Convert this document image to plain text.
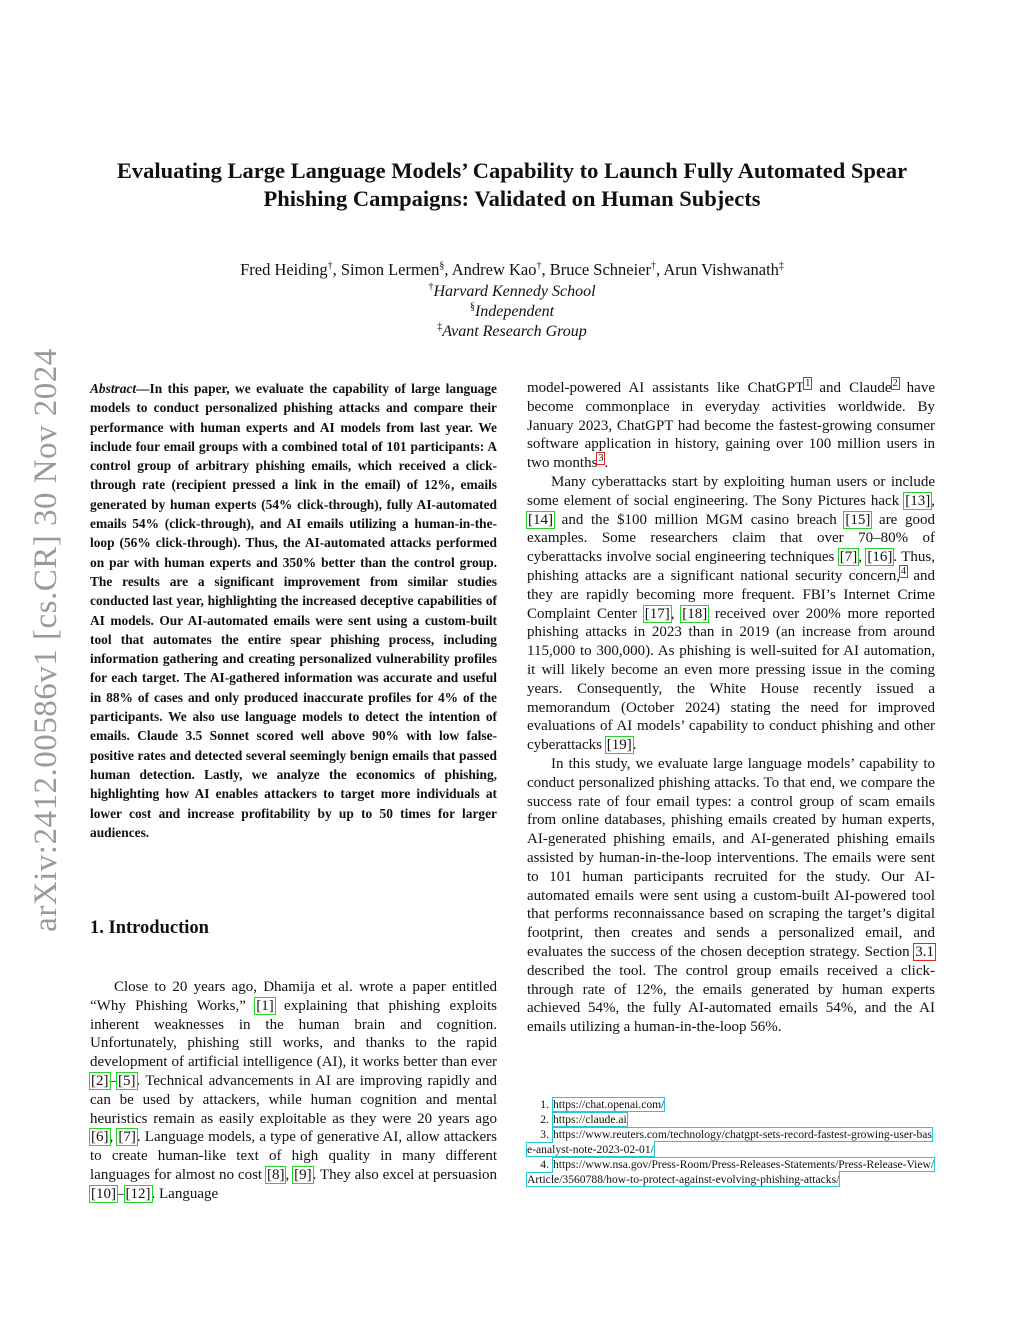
arXiv:2412.00586v1 [cs.CR] 30 Nov 2024
Evaluating Large Language Models’ Capability to Launch Fully Automated Spear
Phishing Campaigns: Validated on Human Subjects
Fred Heiding†, Simon Lermen§, Andrew Kao†, Bruce Schneier†, Arun Vishwanath‡
†Harvard Kennedy School
§Independent
‡Avant Research Group

Abstract—In this paper, we evaluate the capability of large language models to conduct personalized phishing attacks and compare their performance with human experts and AI models from last year. We include four email groups with a combined total of 101 participants: A control group of arbitrary phishing emails, which received a click-through rate (recipient pressed a link in the email) of 12%, emails generated by human experts (54% click-through), fully AI-automated emails 54% (click-through), and AI emails utilizing a human-in-the-loop (56% click-through). Thus, the AI-automated attacks performed on par with human experts and 350% better than the control group. The results are a significant improvement from similar studies conducted last year, highlighting the increased deceptive capabilities of AI models. Our AI-automated emails were sent using a custom-built tool that automates the entire spear phishing process, including information gathering and creating personalized vulnerability profiles for each target. The AI-gathered information was accurate and useful in 88% of cases and only produced inaccurate profiles for 4% of the participants. We also use language models to detect the intention of emails. Claude 3.5 Sonnet scored well above 90% with low false-positive rates and detected several seemingly benign emails that passed human detection. Lastly, we analyze the economics of phishing, highlighting how AI enables attackers to target more individuals at lower cost and increase profitability by up to 50 times for larger audiences.

1. Introduction

Close to 20 years ago, Dhamija et al. wrote a paper entitled “Why Phishing Works,” [1] explaining that phishing exploits inherent weaknesses in the human brain and cognition. Unfortunately, phishing still works, and thanks to the rapid development of artificial intelligence (AI), it works better than ever [2]–[5]. Technical advancements in AI are improving rapidly and can be used by attackers, while human cognition and mental heuristics remain as easily exploitable as they were 20 years ago [6], [7]. Language models, a type of generative AI, allow attackers to create human-like text of high quality in many different languages for almost no cost [8], [9]. They also excel at persuasion [10]–[12]. Language

model-powered AI assistants like ChatGPT$^1$ and Claude$^2$ have become commonplace in everyday activities worldwide. By January 2023, ChatGPT had become the fastest-growing consumer software application in history, gaining over 100 million users in two months$^3$.

Many cyberattacks start by exploiting human users or include some element of social engineering. The Sony Pictures hack [13], [14] and the $100 million MGM casino breach [15] are good examples. Some researchers claim that over 70–80% of cyberattacks involve social engineering techniques [7], [16]. Thus, phishing attacks are a significant national security concern,$^4$ and they are rapidly becoming more frequent. FBI’s Internet Crime Complaint Center [17], [18] received over 200% more reported phishing attacks in 2023 than in 2019 (an increase from around 115,000 to 300,000). As phishing is well-suited for AI automation, it will likely become an even more pressing issue in the coming years. Consequently, the White House recently issued a memorandum (October 2024) stating the need for improved evaluations of AI models’ capability to conduct phishing and other cyberattacks [19].

In this study, we evaluate large language models’ capability to conduct personalized phishing attacks. To that end, we compare the success rate of four email types: a control group of scam emails from online databases, phishing emails created by human experts, AI-generated phishing emails, and AI-generated phishing emails assisted by human-in-the-loop interventions. The emails were sent to 101 human participants recruited for the study. Our AI-automated emails were sent using a custom-built AI-powered tool that performs reconnaissance based on scraping the target’s digital footprint, then creates and sends a personalized email, and evaluates the success of the chosen deception strategy. Section 3.1 described the tool. The control group emails received a click-through rate of 12%, the emails generated by human experts achieved 54%, the fully AI-automated emails 54%, and the AI emails utilizing a human-in-the-loop 56%.

1. https://chat.openai.com/
2. https://claude.ai
3. https://www.reuters.com/technology/chatgpt-sets-record-fastest-growing-user-base-analyst-note-2023-02-01/
4. https://www.nsa.gov/Press-Room/Press-Releases-Statements/Press-Release-View/Article/3560788/how-to-protect-against-evolving-phishing-attacks/
